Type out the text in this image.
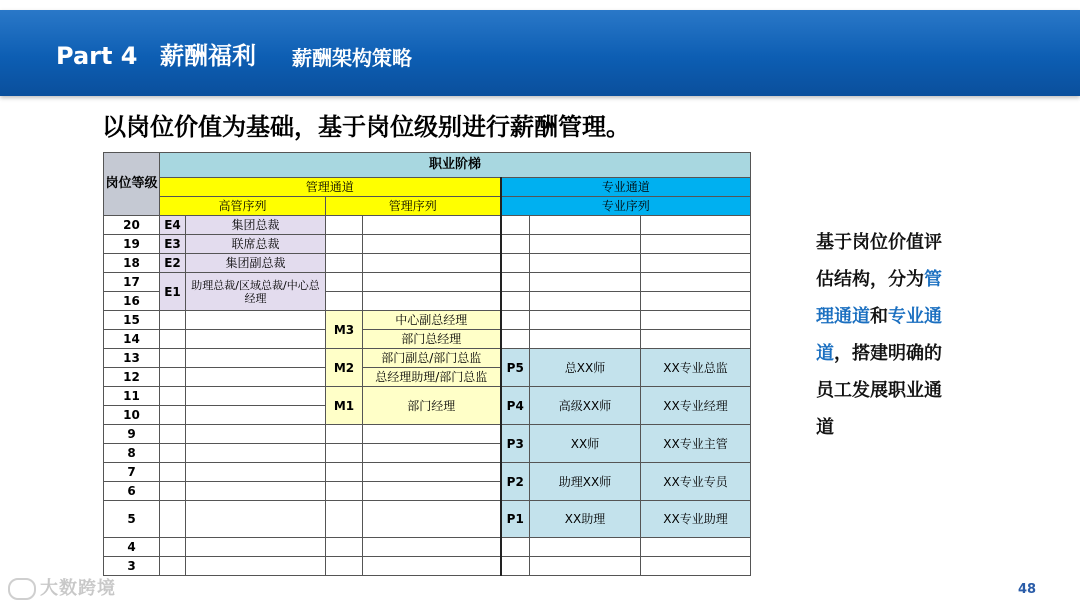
Part 4 薪酬福利 薪酬架构策略
以岗位价值为基础，基于岗位级别进行薪酬管理。
岗位等级	职业阶梯						
	管理通道				专业通道		
	高管序列		管理序列		专业序列		
20	E4	集团总裁					
19	E3	联席总裁					
18	E2	集团副总裁					
17	E1	助理总裁/区域总裁/中心总经理					
16							
15			M3	中心副总经理			
14				部门总经理			
13			M2	部门副总/部门总监	P5	总XX师	XX专业总监
12				总经理助理/部门总监			
11			M1	部门经理	P4	高级XX师	XX专业经理
10							
9					P3	XX师	XX专业主管
8							
7					P2	助理XX师	XX专业专员
6							
5					P1	XX助理	XX专业助理
4							
3							
基于岗位价值评估结构，分为管理通道和专业通道，搭建明确的员工发展职业通道
大数跨境	48
